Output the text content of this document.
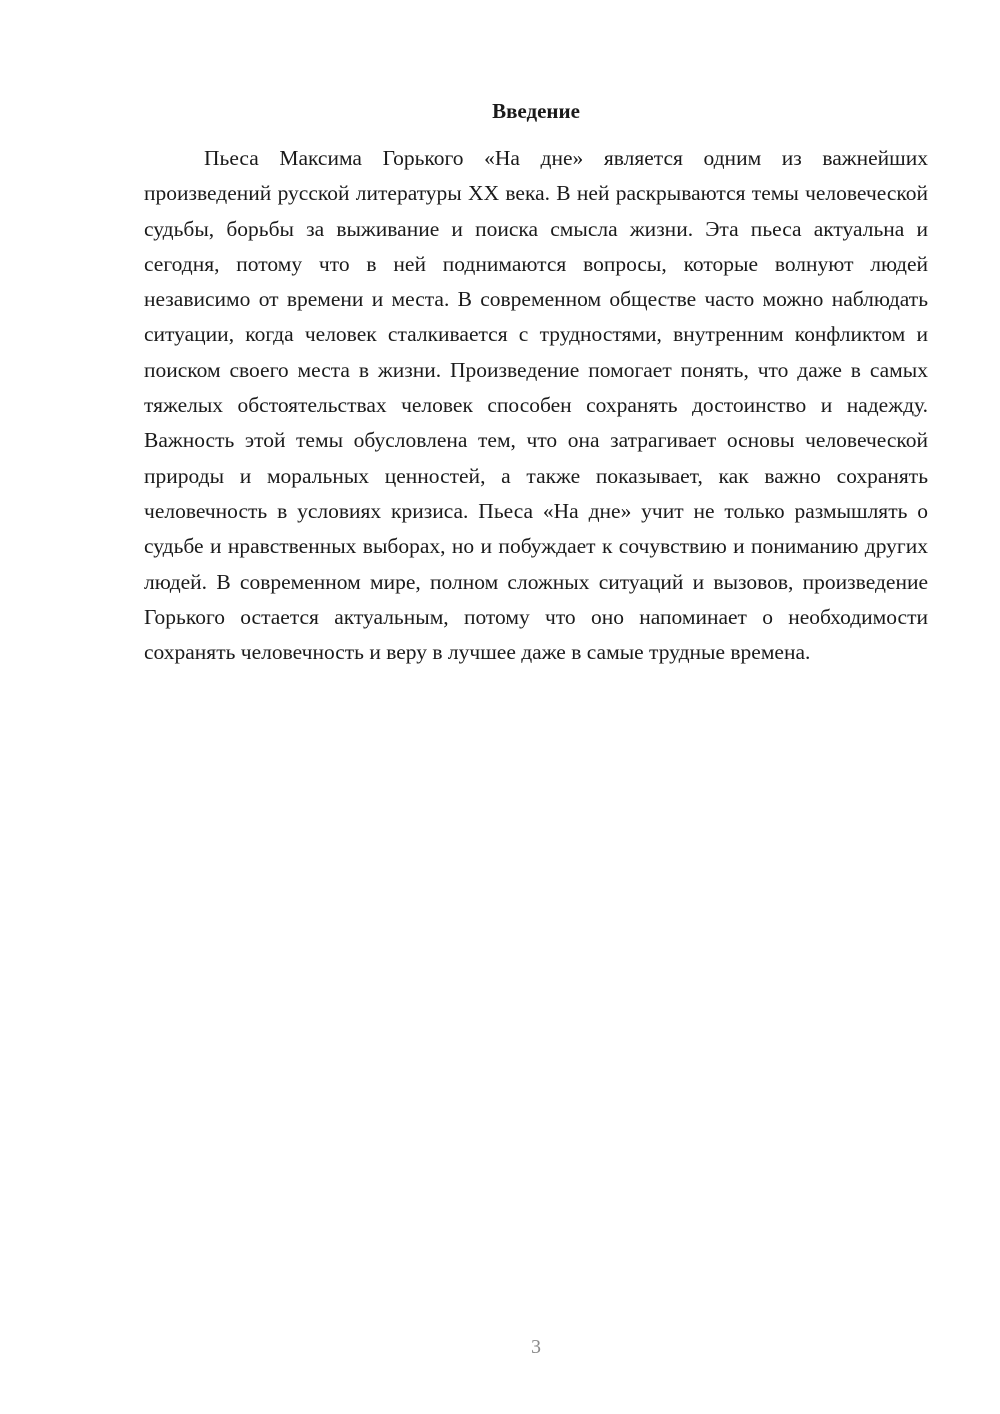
Введение

Пьеса Максима Горького «На дне» является одним из важнейших произведений русской литературы XX века. В ней раскрываются темы человеческой судьбы, борьбы за выживание и поиска смысла жизни. Эта пьеса актуальна и сегодня, потому что в ней поднимаются вопросы, которые волнуют людей независимо от времени и места. В современном обществе часто можно наблюдать ситуации, когда человек сталкивается с трудностями, внутренним конфликтом и поиском своего места в жизни. Произведение помогает понять, что даже в самых тяжелых обстоятельствах человек способен сохранять достоинство и надежду. Важность этой темы обусловлена тем, что она затрагивает основы человеческой природы и моральных ценностей, а также показывает, как важно сохранять человечность в условиях кризиса. Пьеса «На дне» учит не только размышлять о судьбе и нравственных выборах, но и побуждает к сочувствию и пониманию других людей. В современном мире, полном сложных ситуаций и вызовов, произведение Горького остается актуальным, потому что оно напоминает о необходимости сохранять человечность и веру в лучшее даже в самые трудные времена.

3
